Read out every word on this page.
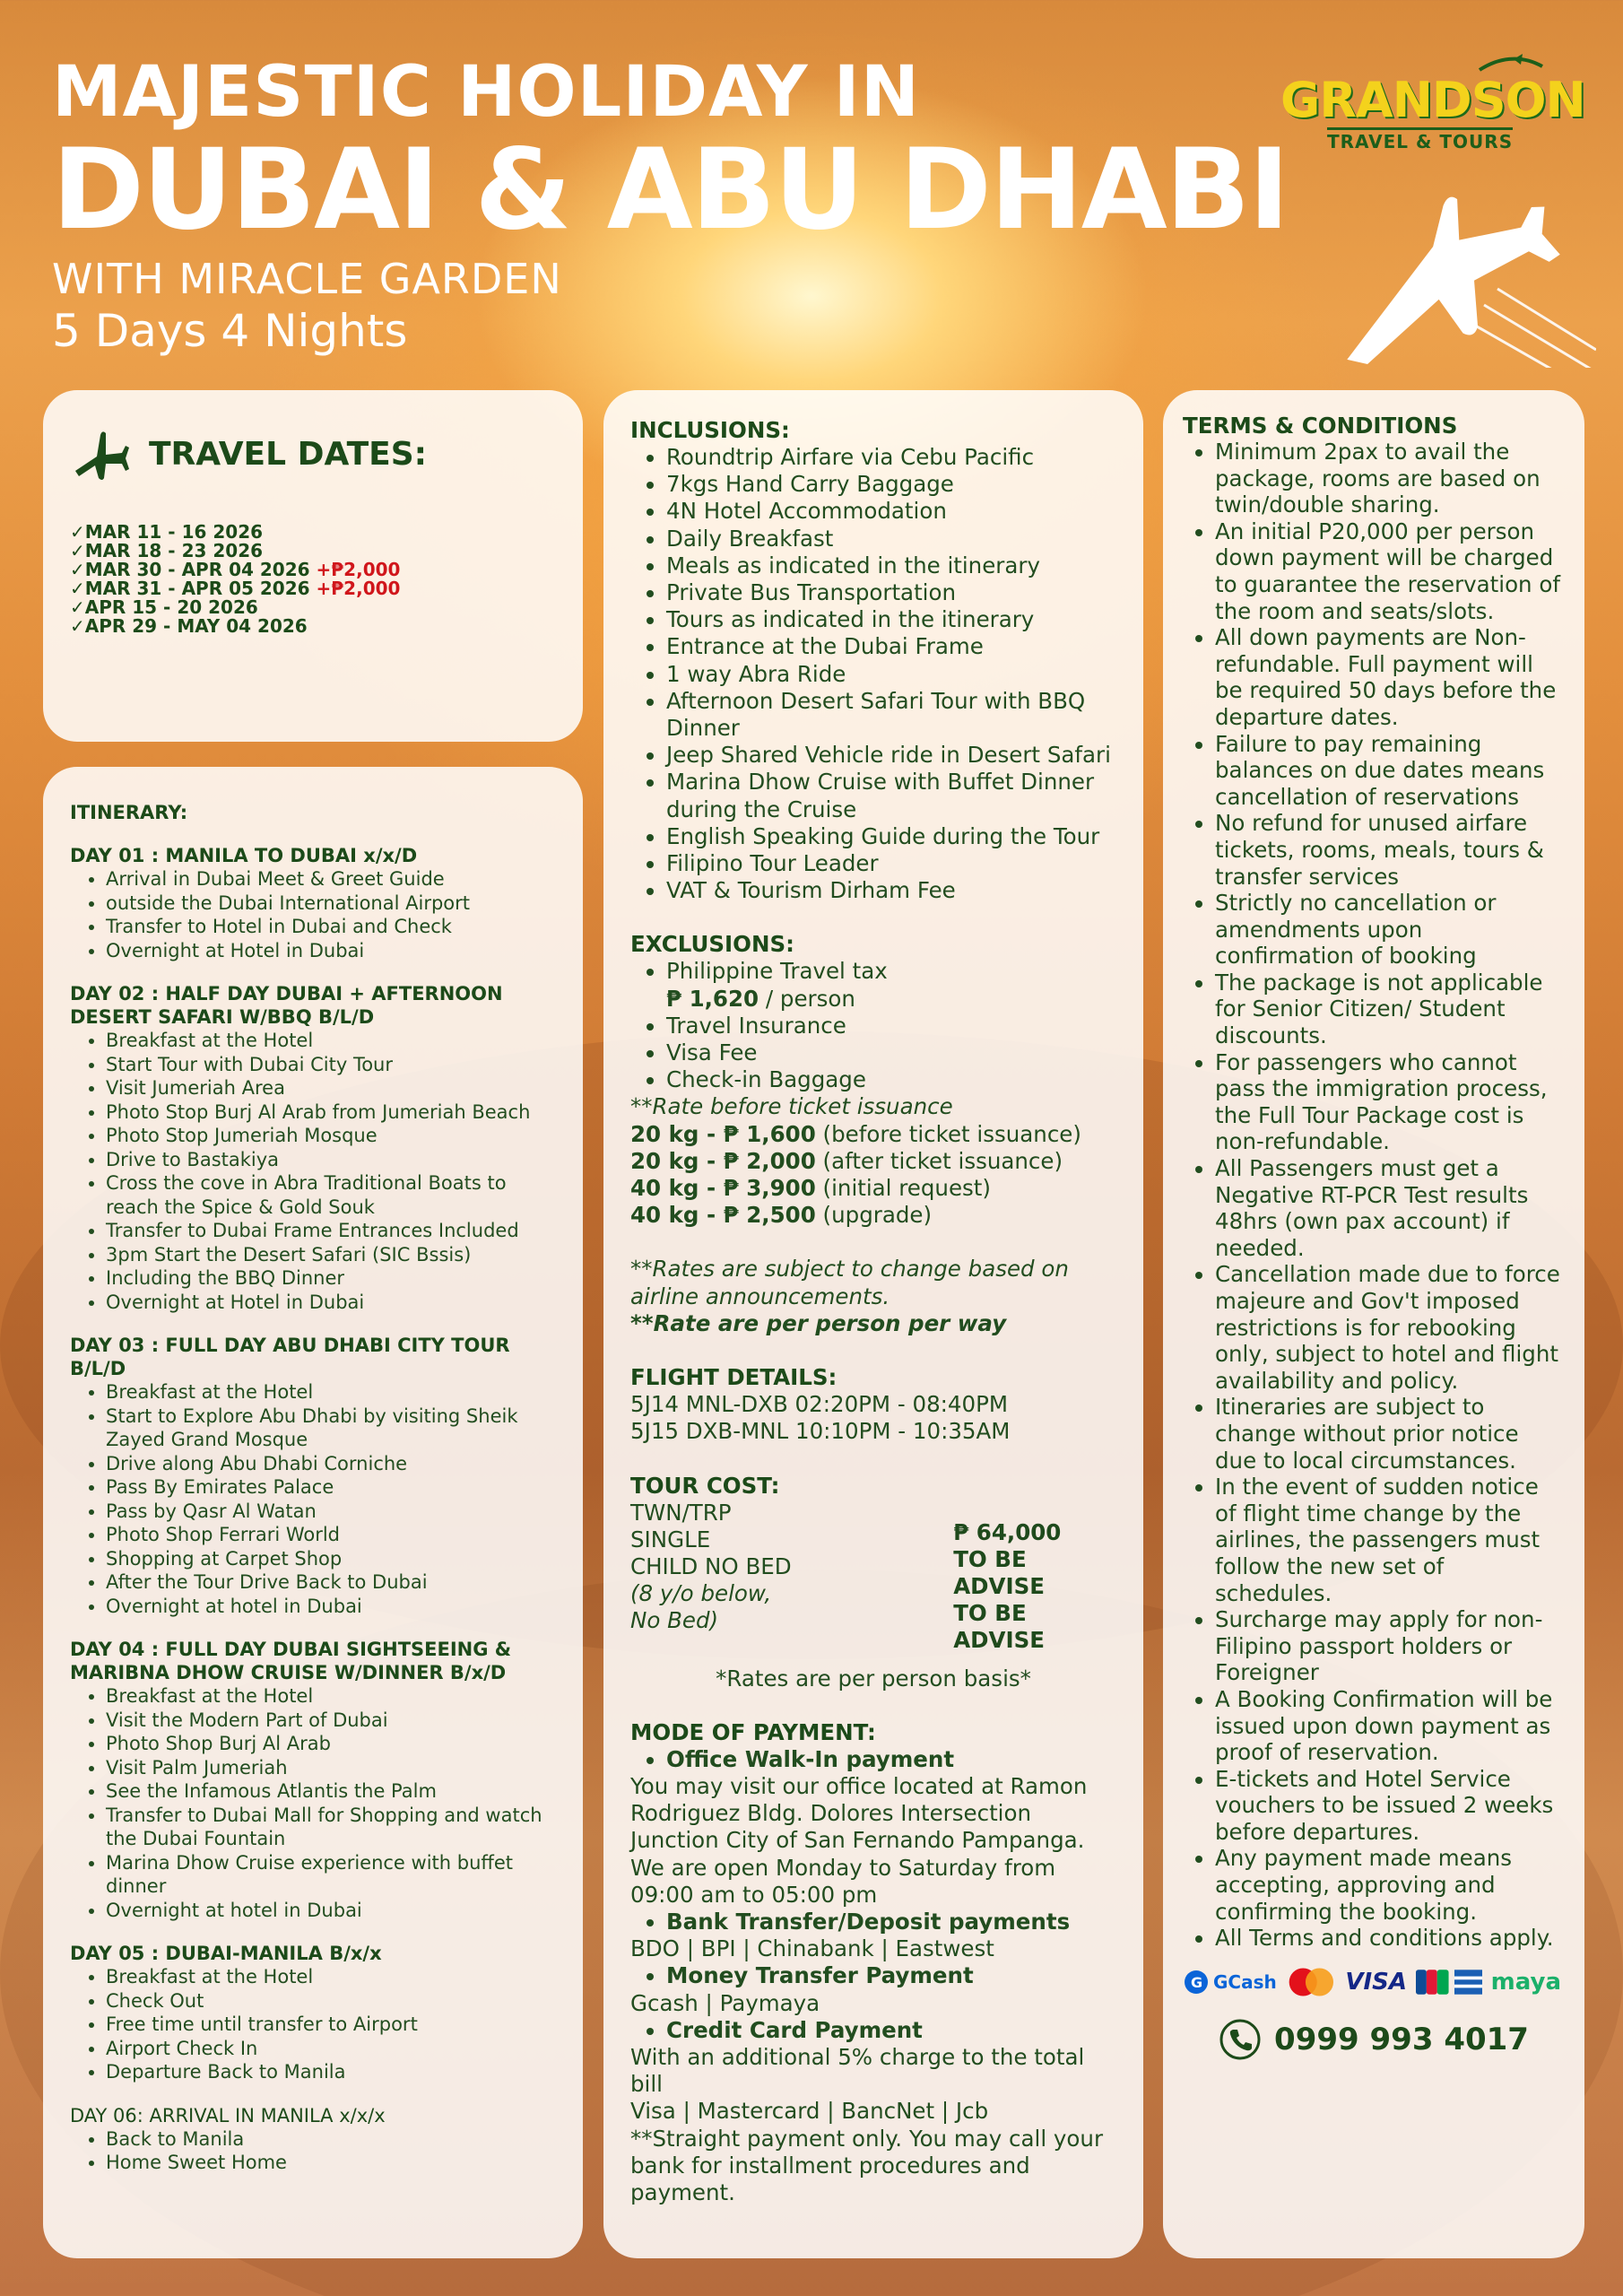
MAJESTIC HOLIDAY IN
DUBAI & ABU DHABI
WITH MIRACLE GARDEN
5 Days 4 Nights
GRANDSON
TRAVEL & TOURS
TRAVEL DATES:
✓MAR 11 - 16 2026
✓MAR 18 - 23 2026
✓MAR 30 - APR 04 2026 +₱2,000
✓MAR 31 - APR 05 2026 +₱2,000
✓APR 15 - 20 2026
✓APR 29 - MAY 04 2026
ITINERARY:
DAY 01 : MANILA TO DUBAI x/x/D
• Arrival in Dubai Meet & Greet Guide
• outside the Dubai International Airport
• Transfer to Hotel in Dubai and Check
• Overnight at Hotel in Dubai
DAY 02 : HALF DAY DUBAI + AFTERNOON DESERT SAFARI W/BBQ B/L/D
• Breakfast at the Hotel
• Start Tour with Dubai City Tour
• Visit Jumeriah Area
• Photo Stop Burj Al Arab from Jumeriah Beach
• Photo Stop Jumeriah Mosque
• Drive to Bastakiya
• Cross the cove in Abra Traditional Boats to reach the Spice & Gold Souk
• Transfer to Dubai Frame Entrances Included
• 3pm Start the Desert Safari (SIC Bssis)
• Including the BBQ Dinner
• Overnight at Hotel in Dubai
DAY 03 : FULL DAY ABU DHABI CITY TOUR B/L/D
• Breakfast at the Hotel
• Start to Explore Abu Dhabi by visiting Sheik Zayed Grand Mosque
• Drive along Abu Dhabi Corniche
• Pass By Emirates Palace
• Pass by Qasr Al Watan
• Photo Shop Ferrari World
• Shopping at Carpet Shop
• After the Tour Drive Back to Dubai
• Overnight at hotel in Dubai
DAY 04 : FULL DAY DUBAI SIGHTSEEING & MARIBNA DHOW CRUISE W/DINNER B/x/D
• Breakfast at the Hotel
• Visit the Modern Part of Dubai
• Photo Shop Burj Al Arab
• Visit Palm Jumeriah
• See the Infamous Atlantis the Palm
• Transfer to Dubai Mall for Shopping and watch the Dubai Fountain
• Marina Dhow Cruise experience with buffet dinner
• Overnight at hotel in Dubai
DAY 05 : DUBAI-MANILA B/x/x
• Breakfast at the Hotel
• Check Out
• Free time until transfer to Airport
• Airport Check In
• Departure Back to Manila
DAY 06: ARRIVAL IN MANILA x/x/x
• Back to Manila
• Home Sweet Home
INCLUSIONS:
• Roundtrip Airfare via Cebu Pacific
• 7kgs Hand Carry Baggage
• 4N Hotel Accommodation
• Daily Breakfast
• Meals as indicated in the itinerary
• Private Bus Transportation
• Tours as indicated in the itinerary
• Entrance at the Dubai Frame
• 1 way Abra Ride
• Afternoon Desert Safari Tour with BBQ Dinner
• Jeep Shared Vehicle ride in Desert Safari
• Marina Dhow Cruise with Buffet Dinner during the Cruise
• English Speaking Guide during the Tour
• Filipino Tour Leader
• VAT & Tourism Dirham Fee
EXCLUSIONS:
• Philippine Travel tax
₱ 1,620 / person
• Travel Insurance
• Visa Fee
• Check-in Baggage

**Rate before ticket issuance

20 kg - ₱ 1,600 (before ticket issuance)

20 kg - ₱ 2,000 (after ticket issuance)

40 kg - ₱ 3,900 (initial request)

40 kg - ₱ 2,500 (upgrade)

**Rates are subject to change based on airline announcements.

**Rate are per person per way

FLIGHT DETAILS:

5J14 MNL-DXB 02:20PM - 08:40PM

5J15 DXB-MNL 10:10PM - 10:35AM

TOUR COST:

TWN/TRP

SINGLE

CHILD NO BED

(8 y/o below, No Bed)

₱ 64,000
TO BE ADVISE
TO BE ADVISE

*Rates are per person basis*

MODE OF PAYMENT:
• Office Walk-In payment

You may visit our office located at Ramon Rodriguez Bldg. Dolores Intersection Junction City of San Fernando Pampanga. We are open Monday to Saturday from 09:00 am to 05:00 pm

• Bank Transfer/Deposit payments

BDO | BPI | Chinabank | Eastwest

• Money Transfer Payment

Gcash | Paymaya

• Credit Card Payment

With an additional 5% charge to the total bill

Visa | Mastercard | BancNet | Jcb

**Straight payment only. You may call your bank for installment procedures and payment.

TERMS & CONDITIONS
• Minimum 2pax to avail the package, rooms are based on twin/double sharing.
• An initial P20,000 per person down payment will be charged to guarantee the reservation of the room and seats/slots.
• All down payments are Non-refundable. Full payment will be required 50 days before the departure dates.
• Failure to pay remaining balances on due dates means cancellation of reservations
• No refund for unused airfare tickets, rooms, meals, tours & transfer services
• Strictly no cancellation or amendments upon confirmation of booking
• The package is not applicable for Senior Citizen/ Student discounts.
• For passengers who cannot pass the immigration process, the Full Tour Package cost is non-refundable.
• All Passengers must get a Negative RT-PCR Test results 48hrs (own pax account) if needed.
• Cancellation made due to force majeure and Gov't imposed restrictions is for rebooking only, subject to hotel and flight availability and policy.
• Itineraries are subject to change without prior notice due to local circumstances.
• In the event of sudden notice of flight time change by the airlines, the passengers must follow the new set of schedules.
• Surcharge may apply for non-Filipino passport holders or Foreigner
• A Booking Confirmation will be issued upon down payment as proof of reservation.
• E-tickets and Hotel Service vouchers to be issued 2 weeks before departures.
• Any payment made means accepting, approving and confirming the booking.
• All Terms and conditions apply.
G GCash	VISA	maya
0999 993 4017
